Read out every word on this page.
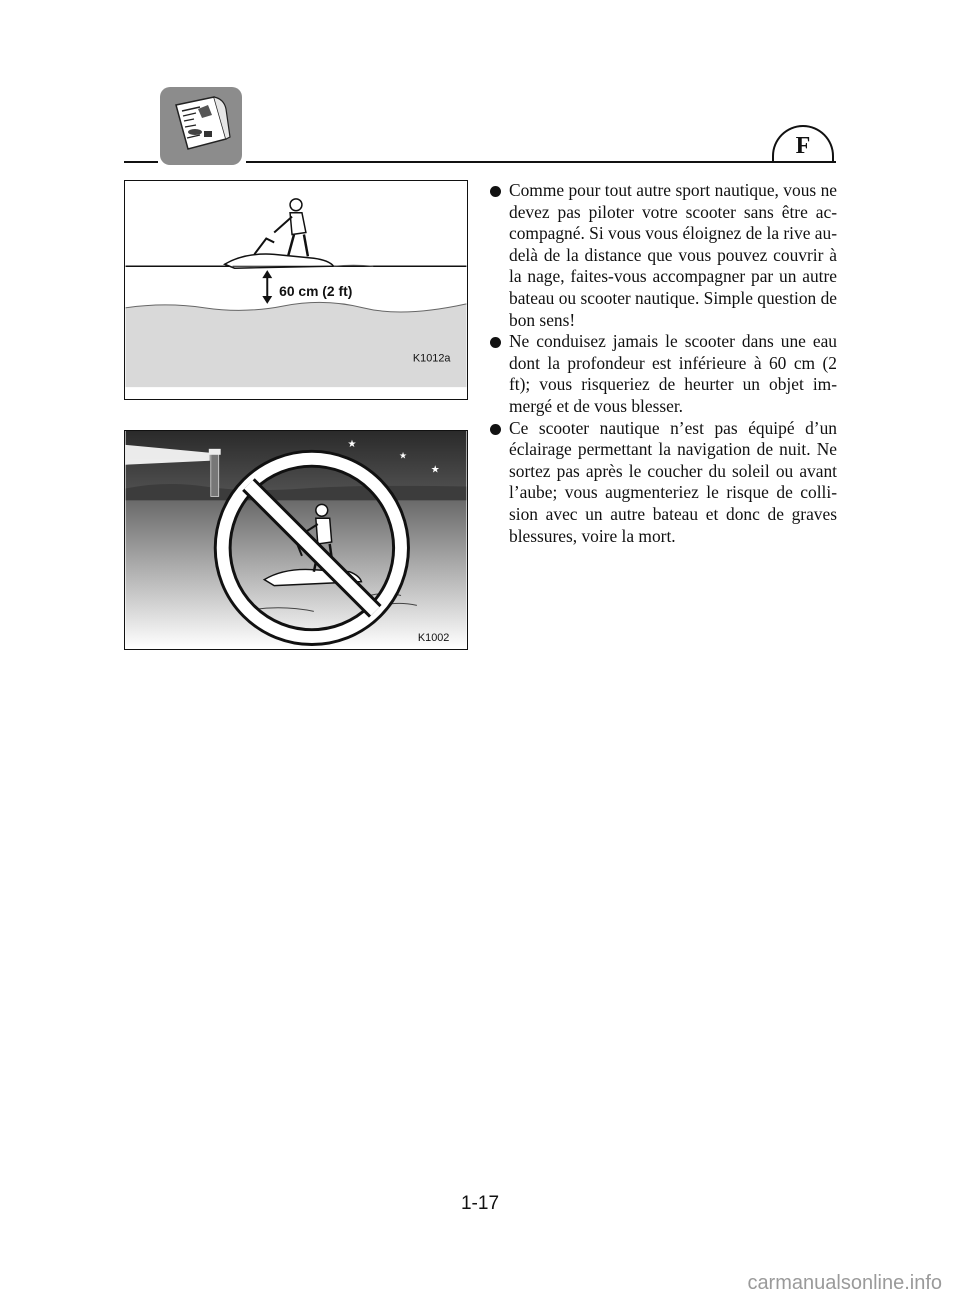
F
60 cm (2 ft)
K1012a
★
★
★
K1002
Comme pour tout autre sport nautique, vous ne devez pas piloter votre scooter sans être accompagné. Si vous vous éloignez de la rive au-delà de la distance que vous pouvez couvrir à la nage, faites-vous accompagner par un autre bateau ou scooter nautique. Simple question de bon sens!
Ne conduisez jamais le scooter dans une eau dont la profondeur est inférieure à 60 cm (2 ft); vous risqueriez de heurter un objet immergé et de vous blesser.
Ce scooter nautique n’est pas équipé d’un éclairage permettant la navigation de nuit. Ne sortez pas après le coucher du soleil ou avant l’aube; vous augmenteriez le risque de collision avec un autre bateau et donc de graves blessures, voire la mort.
1-17
carmanualsonline.info
